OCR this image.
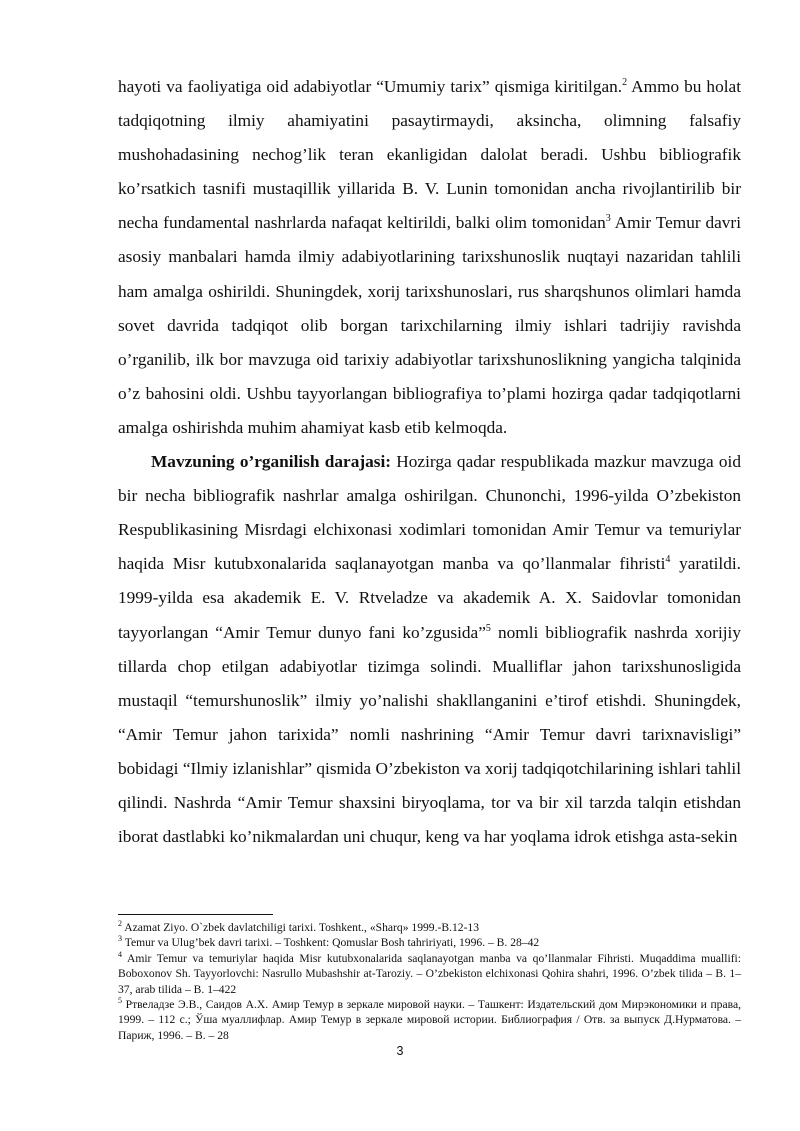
hayoti va faoliyatiga oid adabiyotlar “Umumiy tarix” qismiga kiritilgan.$^2$ Ammo bu holat tadqiqotning ilmiy ahamiyatini pasaytirmaydi, aksincha, olimning falsafiy mushohadasining nechog’lik teran ekanligidan dalolat beradi. Ushbu bibliografik ko’rsatkich tasnifi mustaqillik yillarida B. V. Lunin tomonidan ancha rivojlantirilib bir necha fundamental nashrlarda nafaqat keltirildi, balki olim tomonidan$^3$ Amir Temur davri asosiy manbalari hamda ilmiy adabiyotlarining tarixshunoslik nuqtayi nazaridan tahlili ham amalga oshirildi. Shuningdek, xorij tarixshunoslari, rus sharqshunos olimlari hamda sovet davrida tadqiqot olib borgan tarixchilarning ilmiy ishlari tadrijiy ravishda o’rganilib, ilk bor mavzuga oid tarixiy adabiyotlar tarixshunoslikning yangicha talqinida o’z bahosini oldi. Ushbu tayyorlangan bibliografiya to’plami hozirga qadar tadqiqotlarni amalga oshirishda muhim ahamiyat kasb etib kelmoqda.

Mavzuning o’rganilish darajasi: Hozirga qadar respublikada mazkur mavzuga oid bir necha bibliografik nashrlar amalga oshirilgan. Chunonchi, 1996-yilda O’zbekiston Respublikasining Misrdagi elchixonasi xodimlari tomonidan Amir Temur va temuriylar haqida Misr kutubxonalarida saqlanayotgan manba va qo’llanmalar fihristi$^4$ yaratildi. 1999-yilda esa akademik E. V. Rtveladze va akademik A. X. Saidovlar tomonidan tayyorlangan “Amir Temur dunyo fani ko’zgusida”$^5$ nomli bibliografik nashrda xorijiy tillarda chop etilgan adabiyotlar tizimga solindi. Mualliflar jahon tarixshunosligida mustaqil “temurshunoslik” ilmiy yo’nalishi shakllanganini e’tirof etishdi. Shuningdek, “Amir Temur jahon tarixida” nomli nashrining “Amir Temur davri tarixnavisligi” bobidagi “Ilmiy izlanishlar” qismida O’zbekiston va xorij tadqiqotchilarining ishlari tahlil qilindi. Nashrda “Amir Temur shaxsini biryoqlama, tor va bir xil tarzda talqin etishdan iborat dastlabki ko’nikmalardan uni chuqur, keng va har yoqlama idrok etishga asta-sekin

$^2$ Azamat Ziyo. O`zbek davlatchiligi tarixi. Toshkent., «Sharq» 1999.-B.12-13

$^3$ Temur va Ulug’bek davri tarixi. – Toshkent: Qomuslar Bosh tahririyati, 1996. – B. 28–42

$^4$ Amir Temur va temuriylar haqida Misr kutubxonalarida saqlanayotgan manba va qo’llanmalar Fihristi. Muqaddima muallifi: Boboxonov Sh. Tayyorlovchi: Nasrullo Mubashshir at-Taroziy. – O’zbekiston elchixonasi Qohira shahri, 1996. O’zbek tilida – B. 1–37, arab tilida – B. 1–422

$^5$ Ртвеладзе Э.В., Саидов А.Х. Амир Темур в зеркале мировой науки. – Ташкент: Издательский дом Мирэкономики и права, 1999. – 112 с.; Ўша муаллифлар. Амир Темур в зеркале мировой истории. Библиография / Отв. за выпуск Д.Нурматова. – Париж, 1996. – В. – 28

3
